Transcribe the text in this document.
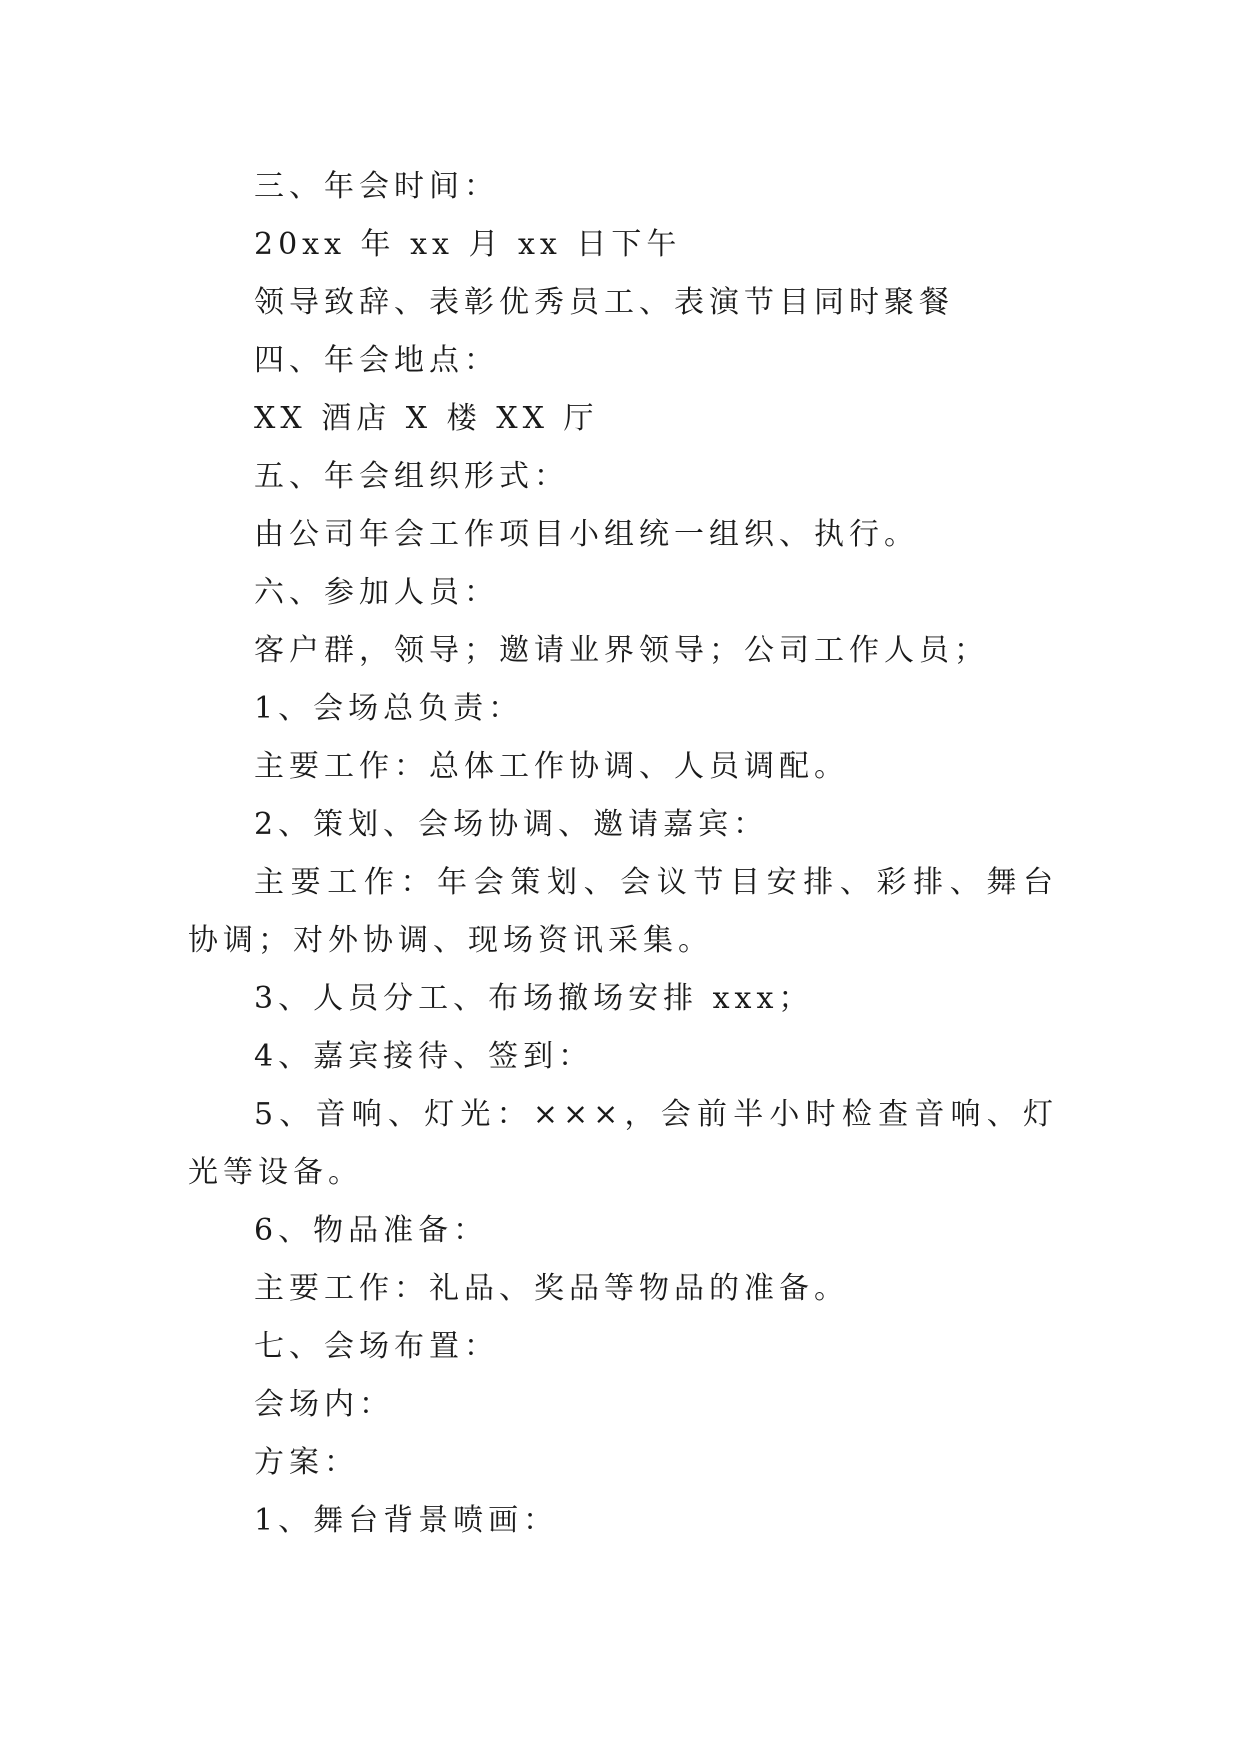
三、年会时间：

20xx 年 xx 月 xx 日下午

领导致辞、表彰优秀员工、表演节目同时聚餐

四、年会地点：

XX 酒店 X 楼 XX 厅

五、年会组织形式：

由公司年会工作项目小组统一组织、执行。

六、参加人员：

客户群，领导；邀请业界领导；公司工作人员；

1、会场总负责：

主要工作：总体工作协调、人员调配。

2、策划、会场协调、邀请嘉宾：

主要工作：年会策划、会议节目安排、彩排、舞台协调；对外协调、现场资讯采集。

3、人员分工、布场撤场安排 xxx；

4、嘉宾接待、签到：

5、音响、灯光：×××，会前半小时检查音响、灯光等设备。

6、物品准备：

主要工作：礼品、奖品等物品的准备。

七、会场布置：

会场内：

方案：

1、舞台背景喷画：
